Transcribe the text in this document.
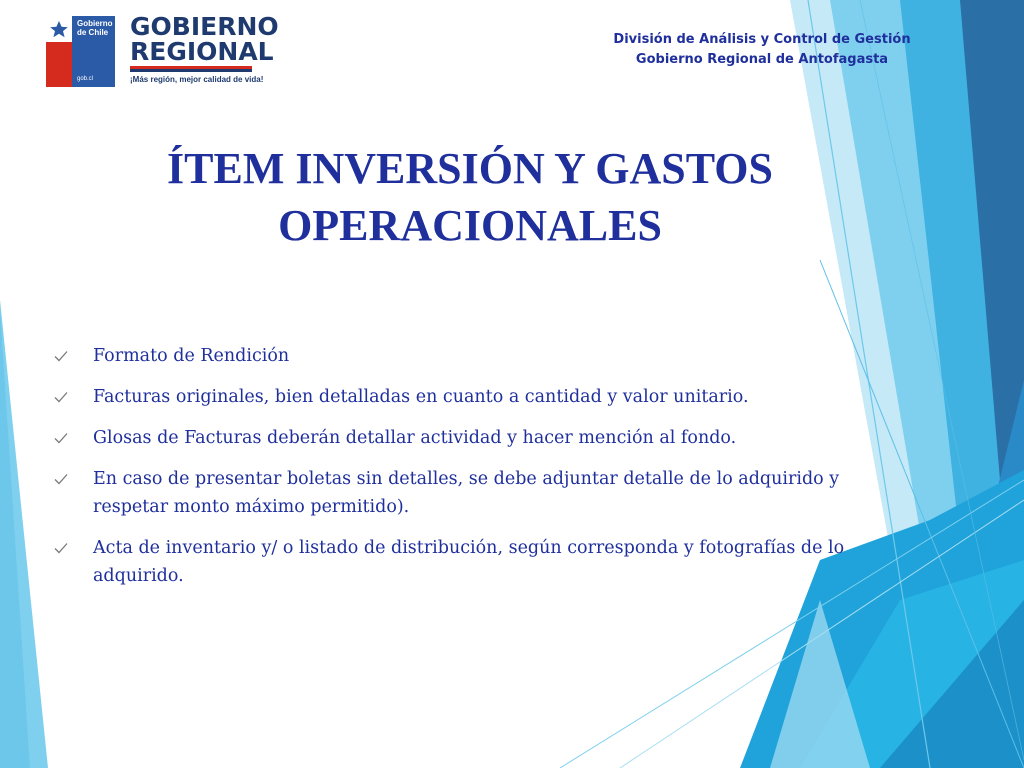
Gobierno
de Chile
gob.cl
GOBIERNO
REGIONAL
¡Más región, mejor calidad de vida!
División de Análisis y Control de Gestión
Gobierno Regional de Antofagasta
ÍTEM INVERSIÓN Y GASTOS OPERACIONALES
Formato de Rendición
Facturas originales, bien detalladas en cuanto a cantidad y valor unitario.
Glosas de Facturas deberán detallar actividad y hacer mención al fondo.
En caso de presentar boletas sin detalles, se debe adjuntar detalle de lo adquirido y respetar monto máximo permitido).
Acta de inventario y/ o listado de distribución, según corresponda y fotografías de lo adquirido.
